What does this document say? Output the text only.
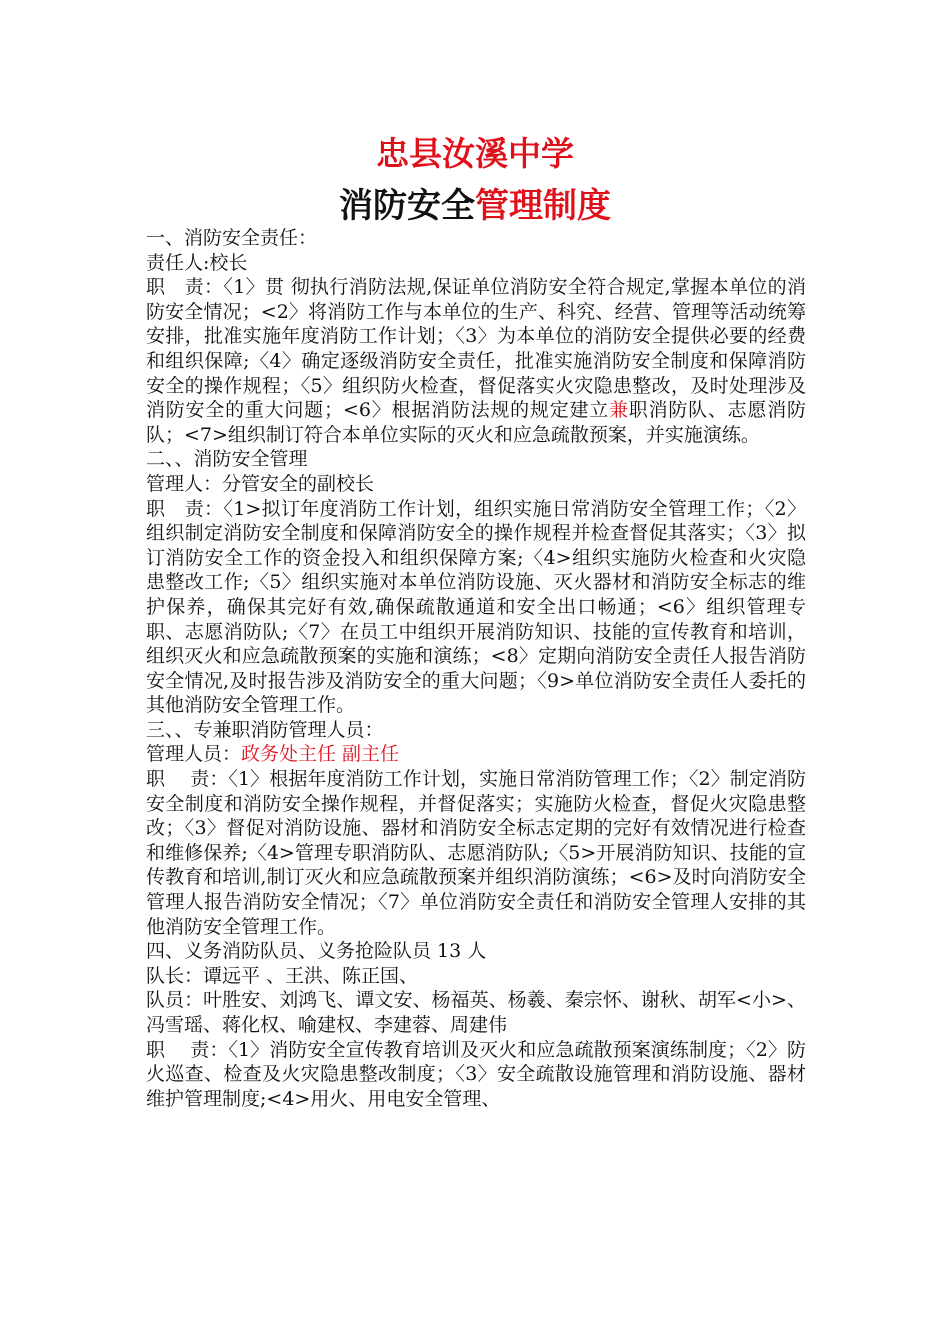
忠县汝溪中学
消防安全管理制度

一、消防安全责任：

责任人:校长

职　责：〈1〉贯 彻执行消防法规,保证单位消防安全符合规定,掌握本单位的消防安全情况；<2〉将消防工作与本单位的生产、科究、经营、管理等活动统筹安排，批准实施年度消防工作计划；〈3〉为本单位的消防安全提供必要的经费和组织保障;〈4〉确定逐级消防安全责任，批准实施消防安全制度和保障消防安全的操作规程；〈5〉组织防火检查，督促落实火灾隐患整改，及时处理涉及消防安全的重大问题；<6〉根据消防法规的规定建立兼职消防队、志愿消防队；<7>组织制订符合本单位实际的灭火和应急疏散预案，并实施演练。

二、、消防安全管理

管理人：分管安全的副校长

职　责：〈1>拟订年度消防工作计划，组织实施日常消防安全管理工作；〈2〉组织制定消防安全制度和保障消防安全的操作规程并检查督促其落实；〈3〉拟订消防安全工作的资金投入和组织保障方案;〈4>组织实施防火检查和火灾隐患整改工作;〈5〉组织实施对本单位消防设施、灭火器材和消防安全标志的维护保养，确保其完好有效,确保疏散通道和安全出口畅通；<6〉组织管理专职、志愿消防队;〈7〉在员工中组织开展消防知识、技能的宣传教育和培训，组织灭火和应急疏散预案的实施和演练；<8〉定期向消防安全责任人报告消防安全情况,及时报告涉及消防安全的重大问题；〈9>单位消防安全责任人委托的其他消防安全管理工作。

三、、专兼职消防管理人员：

管理人员：政务处主任 副主任

职　 责：〈1〉根据年度消防工作计划，实施日常消防管理工作；〈2〉制定消防安全制度和消防安全操作规程，并督促落实；实施防火检查，督促火灾隐患整改；〈3〉督促对消防设施、器材和消防安全标志定期的完好有效情况进行检查和维修保养;〈4>管理专职消防队、志愿消防队;〈5>开展消防知识、技能的宣传教育和培训,制订灭火和应急疏散预案并组织消防演练；<6>及时向消防安全管理人报告消防安全情况；〈7〉单位消防安全责任和消防安全管理人安排的其他消防安全管理工作。

四、义务消防队员、义务抢险队员 13 人

队长：谭远平 、王洪、陈正国、

队员：叶胜安、刘鸿飞、谭文安、杨福英、杨羲、秦宗怀、谢秋、胡军<小>、冯雪瑶、蒋化权、喻建权、李建蓉、周建伟

职　 责：〈1〉消防安全宣传教育培训及灭火和应急疏散预案演练制度；〈2〉防火巡查、检查及火灾隐患整改制度；〈3〉安全疏散设施管理和消防设施、器材维护管理制度;<4>用火、用电安全管理、
